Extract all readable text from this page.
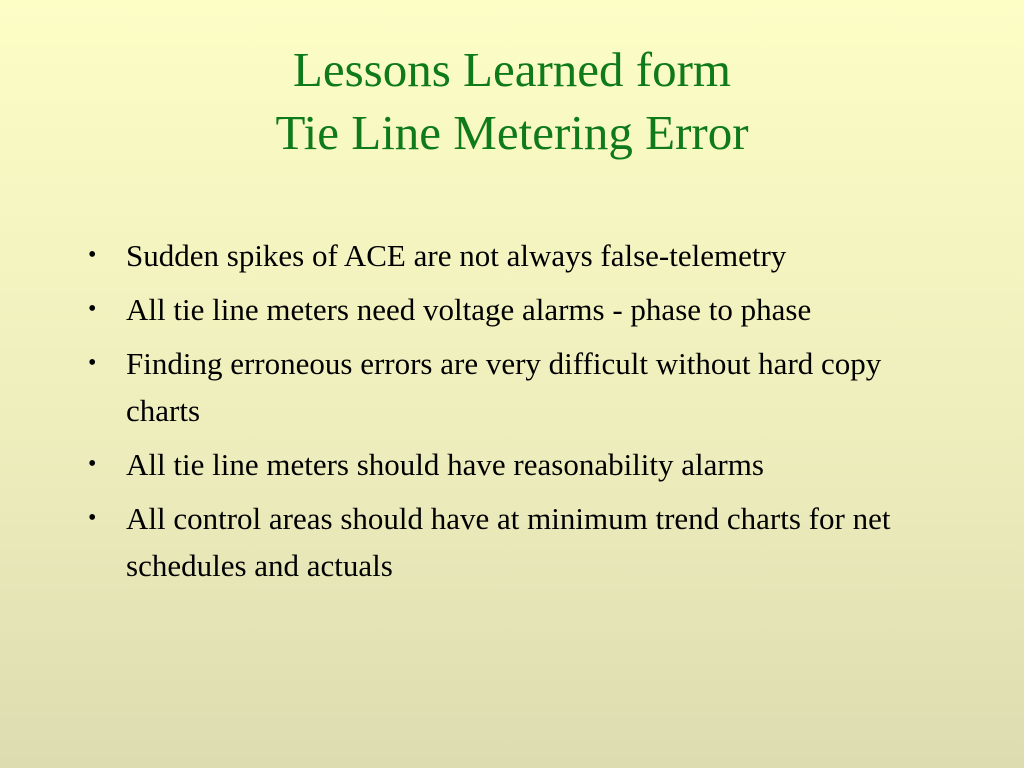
Lessons Learned form
Tie Line Metering Error
• Sudden spikes of ACE are not always false-telemetry
• All tie line meters need voltage alarms - phase to phase
• Finding erroneous errors are very difficult without hard copy charts
• All tie line meters should have reasonability alarms
• All control areas should have at minimum trend charts for net schedules and actuals
